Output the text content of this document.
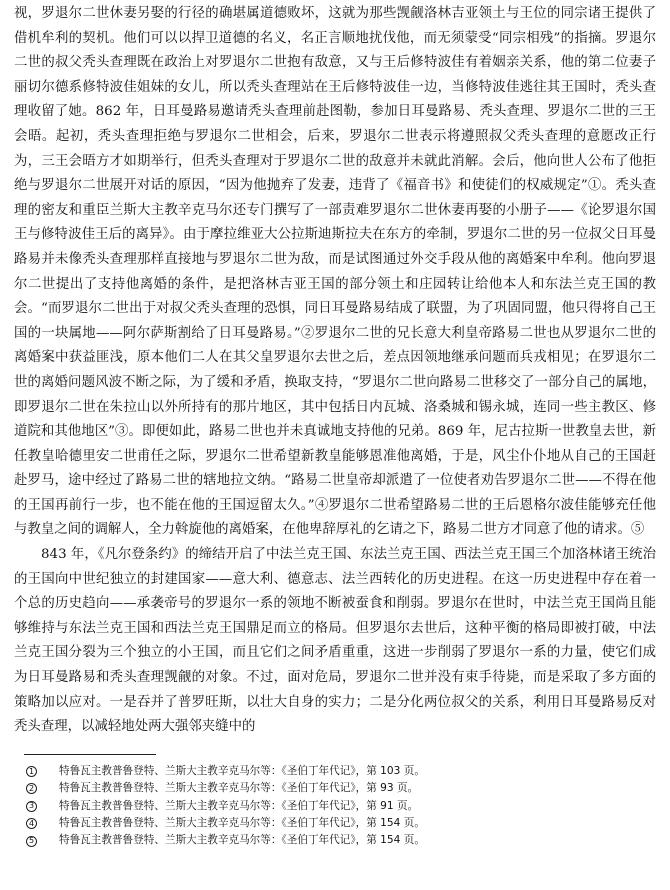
视，罗退尔二世休妻另娶的行径的确堪属道德败坏，这就为那些觊觎洛林吉亚领土与王位的同宗诸王提供了借机牟利的契机。他们可以以捍卫道德的名义，名正言顺地扰伐他，而无须蒙受“同宗相残”的指摘。罗退尔二世的叔父秃头查理既在政治上对罗退尔二世抱有敌意，又与王后修特波佳有着姻亲关系，他的第二位妻子丽切尔德系修特波佳姐妹的女儿，所以秃头查理站在王后修特波佳一边，当修特波佳逃往其王国时，秃头查理收留了她。862 年，日耳曼路易邀请秃头查理前赴图勒，参加日耳曼路易、秃头查理、罗退尔二世的三王会晤。起初，秃头查理拒绝与罗退尔二世相会，后来，罗退尔二世表示将遵照叔父秃头查理的意愿改正行为，三王会晤方才如期举行，但秃头查理对于罗退尔二世的敌意并未就此消解。会后，他向世人公布了他拒绝与罗退尔二世展开对话的原因，“因为他抛弃了发妻，违背了《福音书》和使徒们的权威规定”①。秃头查理的密友和重臣兰斯大主教辛克马尔还专门撰写了一部责难罗退尔二世休妻再娶的小册子——《论罗退尔国王与修特波佳王后的离异》。由于摩拉维亚大公拉斯迪斯拉夫在东方的牵制，罗退尔二世的另一位叔父日耳曼路易并未像秃头查理那样直接地与罗退尔二世为敌，而是试图通过外交手段从他的离婚案中牟利。他向罗退尔二世提出了支持他离婚的条件，是把洛林吉亚王国的部分领土和庄园转让给他本人和东法兰克王国的教会。“而罗退尔二世出于对叔父秃头查理的恐惧，同日耳曼路易结成了联盟，为了巩固同盟，他只得将自己王国的一块属地——阿尔萨斯割给了日耳曼路易。”②罗退尔二世的兄长意大利皇帝路易二世也从罗退尔二世的离婚案中获益匪浅，原本他们二人在其父皇罗退尔去世之后，差点因领地继承问题而兵戎相见；在罗退尔二世的离婚问题风波不断之际，为了缓和矛盾，换取支持，“罗退尔二世向路易二世移交了一部分自己的属地，即罗退尔二世在朱拉山以外所持有的那片地区，其中包括日内瓦城、洛桑城和锡永城，连同一些主教区、修道院和其他地区”③。即便如此，路易二世也并未真诚地支持他的兄弟。869 年，尼古拉斯一世教皇去世，新任教皇哈德里安二世甫任之际，罗退尔二世希望新教皇能够恩准他离婚，于是，风尘仆仆地从自己的王国赶赴罗马，途中经过了路易二世的辖地拉文纳。“路易二世皇帝却派遣了一位使者劝告罗退尔二世——不得在他的王国再前行一步，也不能在他的王国逗留太久。”④罗退尔二世希望路易二世的王后恩格尔波佳能够充任他与教皇之间的调解人，全力斡旋他的离婚案，在他卑辞厚礼的乞请之下，路易二世方才同意了他的请求。⑤

843 年，《凡尔登条约》的缔结开启了中法兰克王国、东法兰克王国、西法兰克王国三个加洛林诸王统治的王国向中世纪独立的封建国家——意大利、德意志、法兰西转化的历史进程。在这一历史进程中存在着一个总的历史趋向——承袭帝号的罗退尔一系的领地不断被蚕食和削弱。罗退尔在世时，中法兰克王国尚且能够维持与东法兰克王国和西法兰克王国鼎足而立的格局。但罗退尔去世后，这种平衡的格局即被打破，中法兰克王国分裂为三个独立的小王国，而且它们之间矛盾重重，这进一步削弱了罗退尔一系的力量，使它们成为日耳曼路易和秃头查理觊觎的对象。不过，面对危局，罗退尔二世并没有束手待毙，而是采取了多方面的策略加以应对。一是吞并了普罗旺斯，以壮大自身的实力；二是分化两位叔父的关系，利用日耳曼路易反对秃头查理，以减轻地处两大强邻夹缝中的

1 特鲁瓦主教普鲁登特、兰斯大主教辛克马尔等：《圣伯丁年代记》，第 103 页。
2 特鲁瓦主教普鲁登特、兰斯大主教辛克马尔等：《圣伯丁年代记》，第 93 页。
3 特鲁瓦主教普鲁登特、兰斯大主教辛克马尔等：《圣伯丁年代记》，第 91 页。
4 特鲁瓦主教普鲁登特、兰斯大主教辛克马尔等：《圣伯丁年代记》，第 154 页。
5 特鲁瓦主教普鲁登特、兰斯大主教辛克马尔等：《圣伯丁年代记》，第 154 页。
